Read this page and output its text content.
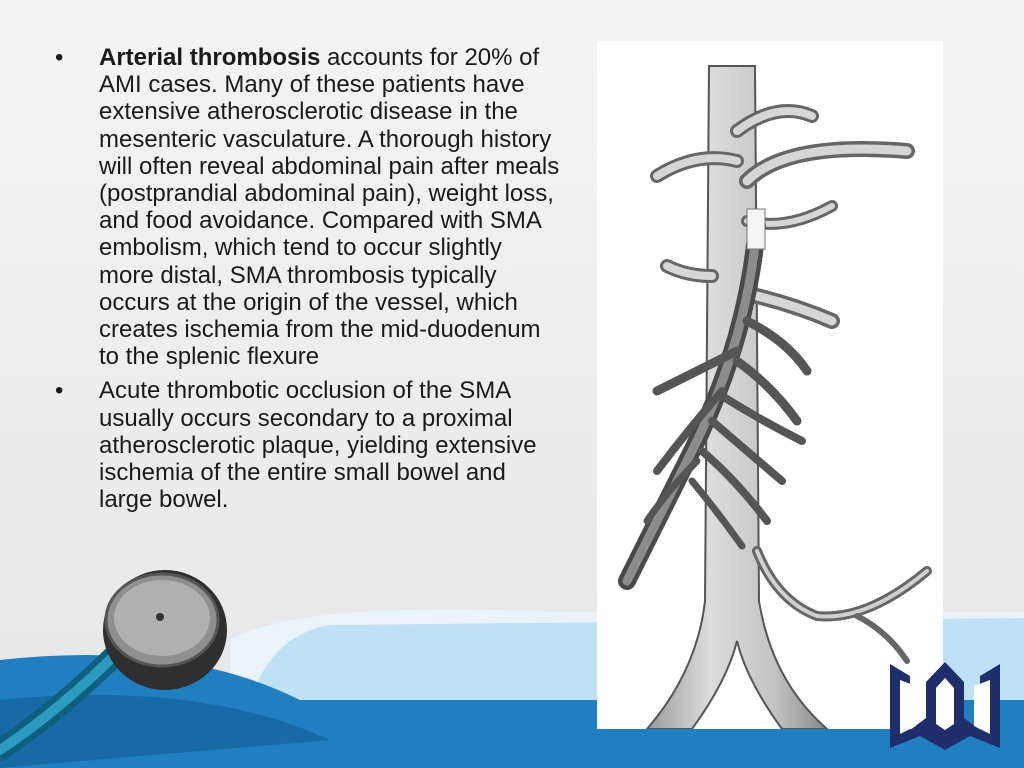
• Arterial thrombosis accounts for 20% of AMI cases. Many of these patients have extensive atherosclerotic disease in the mesenteric vasculature. A thorough history will often reveal abdominal pain after meals (postprandial abdominal pain), weight loss, and food avoidance. Compared with SMA embolism, which tend to occur slightly more distal, SMA thrombosis typically occurs at the origin of the vessel, which creates ischemia from the mid-duodenum to the splenic flexure
• Acute thrombotic occlusion of the SMA usually occurs secondary to a proximal atherosclerotic plaque, yielding extensive ischemia of the entire small bowel and large bowel.
